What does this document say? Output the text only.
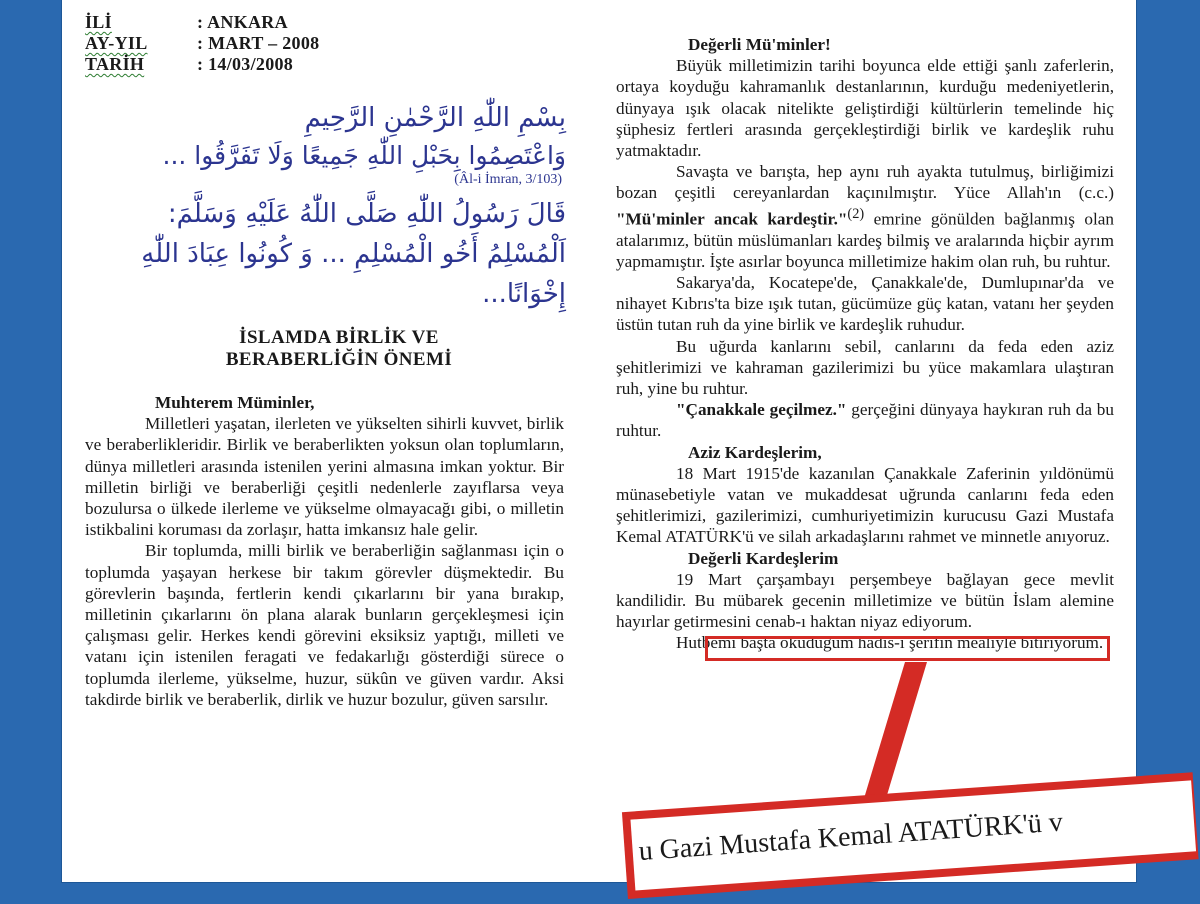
İLİ	: ANKARA
AY-YIL	: MART – 2008
TARİH	: 14/03/2008
بِسْمِ اللّٰهِ الرَّحْمٰنِ الرَّحِيمِ
وَاعْتَصِمُوا بِحَبْلِ اللّٰهِ جَمِيعًا وَلَا تَفَرَّقُوا ...
(Âl-i İmran, 3/103)
قَالَ رَسُولُ اللّٰهِ صَلَّى اللّٰهُ عَلَيْهِ وَسَلَّمَ:
اَلْمُسْلِمُ أَخُو الْمُسْلِمِ ... وَ كُونُوا عِبَادَ اللّٰهِ
إِخْوَانًا...
İSLAMDA BİRLİK VE
BERABERLİĞİN ÖNEMİ

Muhterem Müminler,

Milletleri yaşatan, ilerleten ve yükselten sihirli kuvvet, birlik ve beraberlikleridir. Birlik ve beraberlikten yoksun olan toplumların, dünya milletleri arasında istenilen yerini almasına imkan yoktur. Bir milletin birliği ve beraberliği çeşitli nedenlerle zayıflarsa veya bozulursa o ülkede ilerleme ve yükselme olmayacağı gibi, o milletin istikbalini koruması da zorlaşır, hatta imkansız hale gelir.

Bir toplumda, milli birlik ve beraberliğin sağlanması için o toplumda yaşayan herkese bir takım görevler düşmektedir. Bu görevlerin başında, fertlerin kendi çıkarlarını bir yana bırakıp, milletinin çıkarlarını ön plana alarak bunların gerçekleşmesi için çalışması gelir. Herkes kendi görevini eksiksiz yaptığı, milleti ve vatanı için istenilen feragati ve fedakarlığı gösterdiği sürece o toplumda ilerleme, yükselme, huzur, sükûn ve güven vardır. Aksi takdirde birlik ve beraberlik, dirlik ve huzur bozulur, güven sarsılır.

Değerli Mü'minler!

Büyük milletimizin tarihi boyunca elde ettiği şanlı zaferlerin, ortaya koyduğu kahramanlık destanlarının, kurduğu medeniyetlerin, dünyaya ışık olacak nitelikte geliştirdiği kültürlerin temelinde hiç şüphesiz fertleri arasında gerçekleştirdiği birlik ve kardeşlik ruhu yatmaktadır.

Savaşta ve barışta, hep aynı ruh ayakta tutulmuş, birliğimizi bozan çeşitli cereyanlardan kaçınılmıştır. Yüce Allah'ın (c.c.) "Mü'minler ancak kardeştir."$^{(2)}$ emrine gönülden bağlanmış olan atalarımız, bütün müslümanları kardeş bilmiş ve aralarında hiçbir ayrım yapmamıştır. İşte asırlar boyunca milletimize hakim olan ruh, bu ruhtur.

Sakarya'da, Kocatepe'de, Çanakkale'de, Dumlupınar'da ve nihayet Kıbrıs'ta bize ışık tutan, gücümüze güç katan, vatanı her şeyden üstün tutan ruh da yine birlik ve kardeşlik ruhudur.

Bu uğurda kanlarını sebil, canlarını da feda eden aziz şehitlerimizi ve kahraman gazilerimizi bu yüce makamlara ulaştıran ruh, yine bu ruhtur.

"Çanakkale geçilmez." gerçeğini dünyaya haykıran ruh da bu ruhtur.

Aziz Kardeşlerim,

18 Mart 1915'de kazanılan Çanakkale Zaferinin yıldönümü münasebetiyle vatan ve mukaddesat uğrunda canlarını feda eden şehitlerimizi, gazilerimizi, cumhuriyetimizin kurucusu Gazi Mustafa Kemal ATATÜRK'ü ve silah arkadaşlarını rahmet ve minnetle anıyoruz.

Değerli Kardeşlerim

19 Mart çarşambayı perşembeye bağlayan gece mevlit kandilidir. Bu mübarek gecenin milletimize ve bütün İslam alemine hayırlar getirmesini cenab-ı haktan niyaz ediyorum.

Hutbemi başta okuduğum hadis-i şerifin mealiyle bitiriyorum.

u Gazi Mustafa Kemal ATATÜRK'ü v
